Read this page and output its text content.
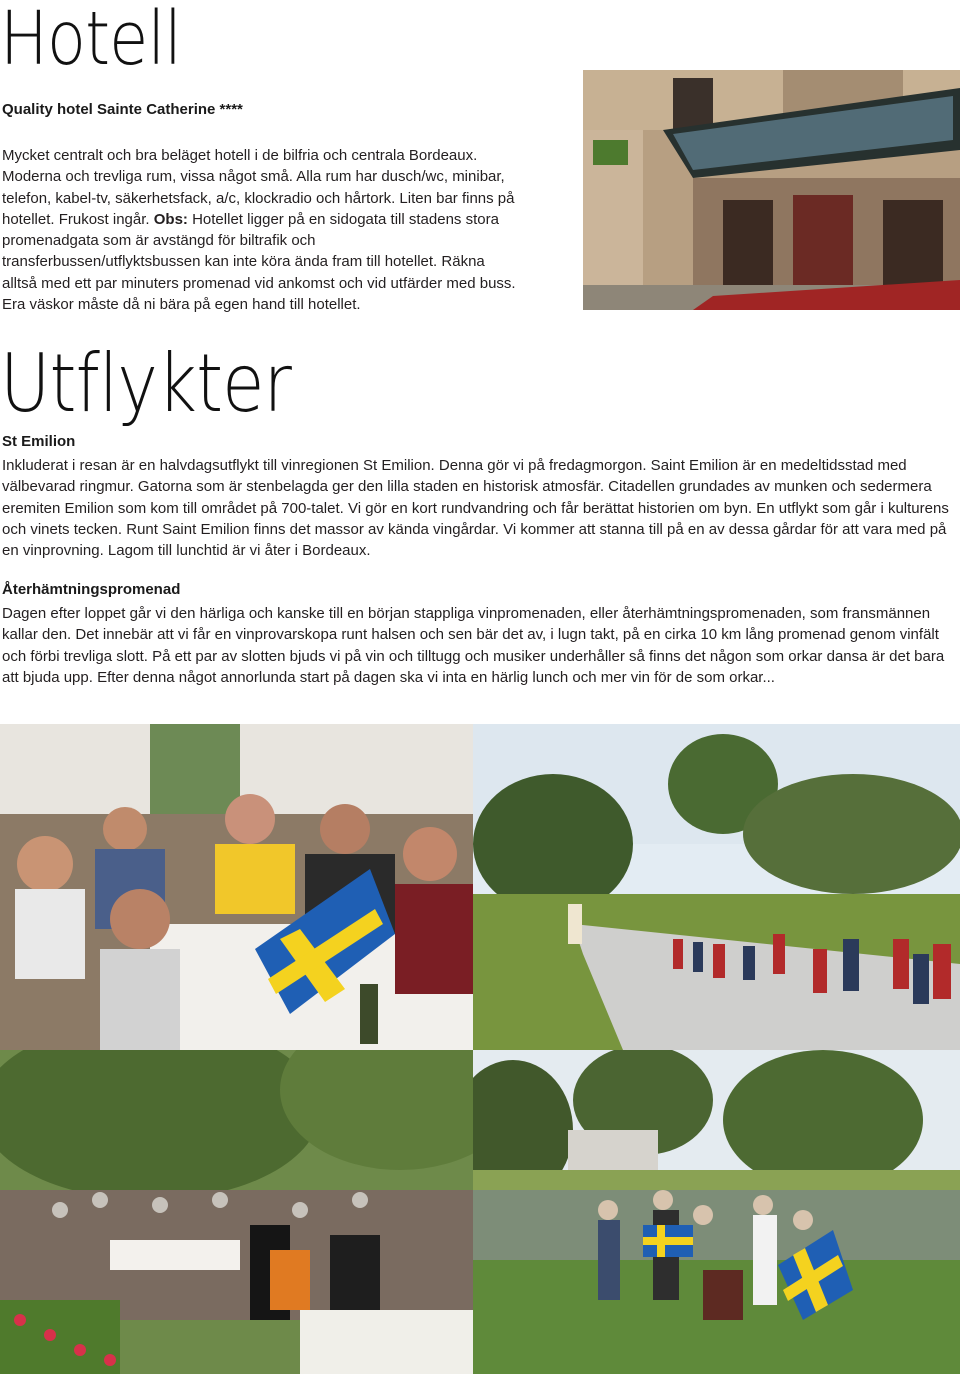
Hotell

Quality hotel Sainte Catherine ****

Mycket centralt och bra beläget hotell i de bilfria och centrala Bordeaux. Moderna och trevliga rum, vissa något små. Alla rum har dusch/wc, minibar, telefon, kabel-tv, säkerhetsfack, a/c, klockradio och hårtork. Liten bar finns på hotellet. Frukost ingår. Obs: Hotellet ligger på en sidogata till stadens stora promenadgata som är avstängd för biltrafik och transferbussen/utflyktsbussen kan inte köra ända fram till hotellet. Räkna alltså med ett par minuters promenad vid ankomst och vid utfärder med buss. Era väskor måste då ni bära på egen hand till hotellet.

Utflykter

St Emilion

Inkluderat i resan är en halvdagsutflykt till vinregionen St Emilion. Denna gör vi på fredagmorgon. Saint Emilion är en medeltidsstad med välbevarad ringmur. Gatorna som är stenbelagda ger den lilla staden en historisk atmosfär. Citadellen grundades av munken och sedermera eremiten Emilion som kom till området på 700-talet. Vi gör en kort rundvandring och får berättat historien om byn. En utflykt som går i kulturens och vinets tecken. Runt Saint Emilion finns det massor av kända vingårdar. Vi kommer att stanna till på en av dessa gårdar för att vara med på en vinprovning. Lagom till lunchtid är vi åter i Bordeaux.

Återhämtningspromenad

Dagen efter loppet går vi den härliga och kanske till en början stappliga vinpromenaden, eller återhämtningspromenaden, som fransmännen kallar den. Det innebär att vi får en vinprovarskopa runt halsen och sen bär det av, i lugn takt, på en cirka 10 km lång promenad genom vinfält och förbi trevliga slott. På ett par av slotten bjuds vi på vin och tilltugg och musiker underhåller så finns det någon som orkar dansa är det bara att bjuda upp. Efter denna något annorlunda start på dagen ska vi inta en härlig lunch och mer vin för de som orkar...
